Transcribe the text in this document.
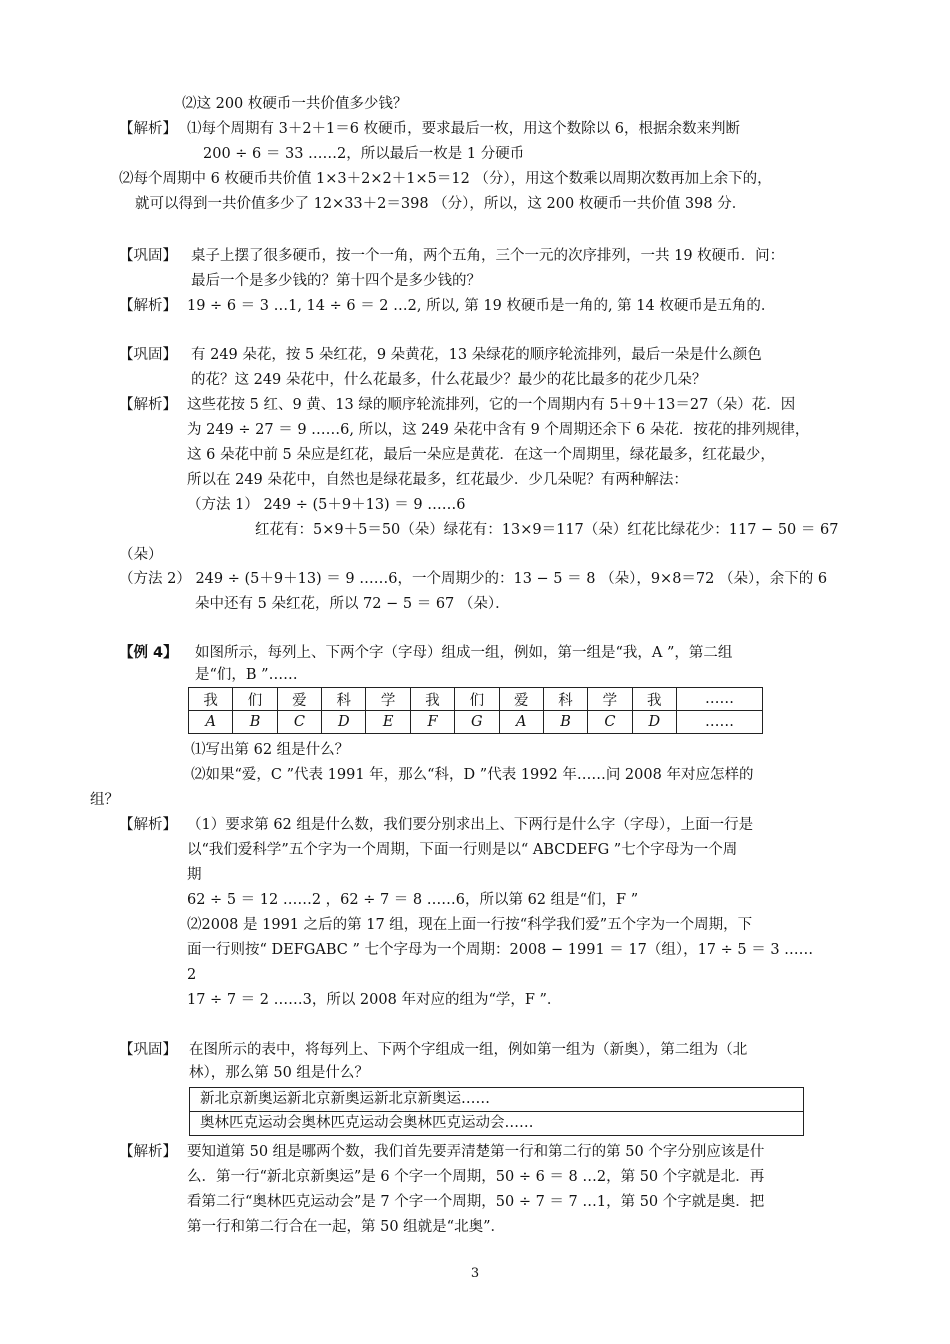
⑵这 200 枚硬币一共价值多少钱？
【解析】 ⑴每个周期有 3＋2＋1＝6 枚硬币，要求最后一枚，用这个数除以 6，根据余数来判断
200 ÷ 6 ＝ 33 ……2，所以最后一枚是 1 分硬币
⑵每个周期中 6 枚硬币共价值 1×3＋2×2＋1×5＝12 （分），用这个数乘以周期次数再加上余下的，
就可以得到一共价值多少了 12×33＋2＝398 （分），所以，这 200 枚硬币一共价值 398 分．
【巩固】 桌子上摆了很多硬币，按一个一角，两个五角，三个一元的次序排列，一共 19 枚硬币．问：
最后一个是多少钱的？第十四个是多少钱的？
【解析】 19 ÷ 6 ＝ 3 …1, 14 ÷ 6 ＝ 2 …2, 所以, 第 19 枚硬币是一角的, 第 14 枚硬币是五角的．
【巩固】 有 249 朵花，按 5 朵红花，9 朵黄花，13 朵绿花的顺序轮流排列，最后一朵是什么颜色
的花？这 249 朵花中，什么花最多，什么花最少？最少的花比最多的花少几朵？
【解析】 这些花按 5 红、9 黄、13 绿的顺序轮流排列，它的一个周期内有 5＋9＋13＝27（朵）花．因
为 249 ÷ 27 ＝ 9 ……6, 所以，这 249 朵花中含有 9 个周期还余下 6 朵花．按花的排列规律，
这 6 朵花中前 5 朵应是红花，最后一朵应是黄花．在这一个周期里，绿花最多，红花最少，
所以在 249 朵花中，自然也是绿花最多，红花最少．少几朵呢？有两种解法：
（方法 1） 249 ÷ (5＋9＋13) ＝ 9 ……6
红花有：5×9＋5＝50（朵）绿花有：13×9＝117（朵）红花比绿花少：117 − 50 ＝ 67
（朵）
（方法 2） 249 ÷ (5＋9＋13) ＝ 9 ……6，一个周期少的：13 − 5 ＝ 8 （朵），9×8＝72 （朵），余下的 6
朵中还有 5 朵红花，所以 72 − 5 ＝ 67 （朵）．
【例 4】 如图所示，每列上、下两个字（字母）组成一组，例如，第一组是“我，A ”，第二组
是“们，B ”……
我	们	爱	科	学	我	们	爱	科	学	我	……
A	B	C	D	E	F	G	A	B	C	D	……
⑴写出第 62 组是什么？
⑵如果“爱，C ”代表 1991 年，那么“科，D ”代表 1992 年……问 2008 年对应怎样的
组？
【解析】 （1）要求第 62 组是什么数，我们要分别求出上、下两行是什么字（字母），上面一行是
以“我们爱科学”五个字为一个周期，下面一行则是以“ ABCDEFG ”七个字母为一个周
期
62 ÷ 5 ＝ 12 ……2 ，62 ÷ 7 ＝ 8 ……6，所以第 62 组是“们，F ”
⑵2008 是 1991 之后的第 17 组，现在上面一行按“科学我们爱”五个字为一个周期，下
面一行则按“ DEFGABC ” 七个字母为一个周期：2008 − 1991 ＝ 17（组），17 ÷ 5 ＝ 3 ……
2
17 ÷ 7 ＝ 2 ……3，所以 2008 年对应的组为“学，F ”．
【巩固】 在图所示的表中，将每列上、下两个字组成一组，例如第一组为（新奥），第二组为（北
林），那么第 50 组是什么？
新北京新奥运新北京新奥运新北京新奥运……
奥林匹克运动会奥林匹克运动会奥林匹克运动会……
【解析】 要知道第 50 组是哪两个数，我们首先要弄清楚第一行和第二行的第 50 个字分别应该是什
么．第一行“新北京新奥运”是 6 个字一个周期，50 ÷ 6 ＝ 8 …2，第 50 个字就是北．再
看第二行“奥林匹克运动会”是 7 个字一个周期，50 ÷ 7 ＝ 7 …1，第 50 个字就是奥．把
第一行和第二行合在一起，第 50 组就是“北奥”．
3
